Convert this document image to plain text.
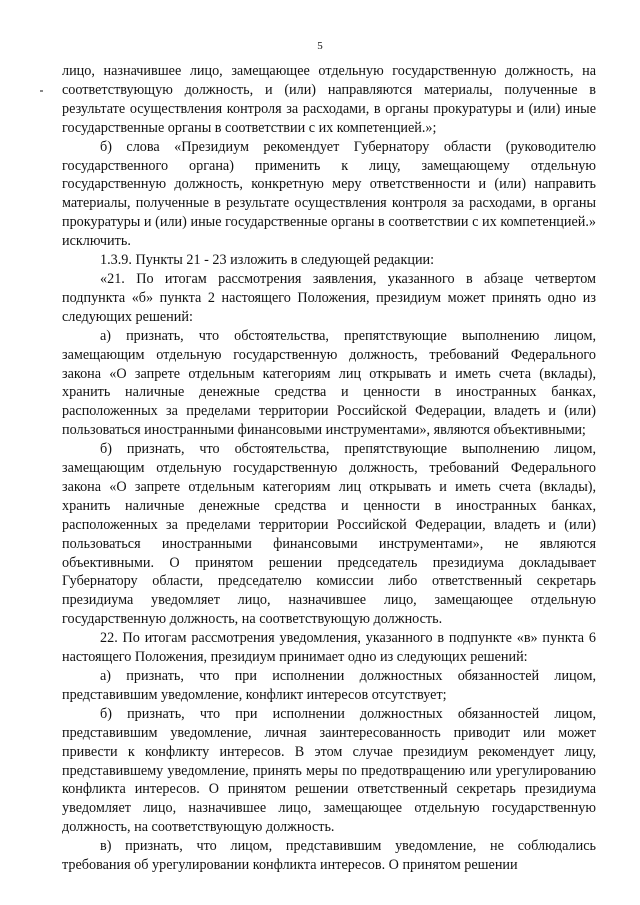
5

лицо, назначившее лицо, замещающее отдельную государственную должность, на соответствующую должность, и (или) направляются материалы, полученные в результате осуществления контроля за расходами, в органы прокуратуры и (или) иные государственные органы в соответствии с их компетенцией.»;

б) слова «Президиум рекомендует Губернатору области (руководителю государственного органа) применить к лицу, замещающему отдельную государственную должность, конкретную меру ответственности и (или) направить материалы, полученные в результате осуществления контроля за расходами, в органы прокуратуры и (или) иные государственные органы в соответствии с их компетенцией.» исключить.

1.3.9. Пункты 21 - 23 изложить в следующей редакции:

«21. По итогам рассмотрения заявления, указанного в абзаце четвертом подпункта «б» пункта 2 настоящего Положения, президиум может принять одно из следующих решений:

а) признать, что обстоятельства, препятствующие выполнению лицом, замещающим отдельную государственную должность, требований Федерального закона «О запрете отдельным категориям лиц открывать и иметь счета (вклады), хранить наличные денежные средства и ценности в иностранных банках, расположенных за пределами территории Российской Федерации, владеть и (или) пользоваться иностранными финансовыми инструментами», являются объективными;

б) признать, что обстоятельства, препятствующие выполнению лицом, замещающим отдельную государственную должность, требований Федерального закона «О запрете отдельным категориям лиц открывать и иметь счета (вклады), хранить наличные денежные средства и ценности в иностранных банках, расположенных за пределами территории Российской Федерации, владеть и (или) пользоваться иностранными финансовыми инструментами», не являются объективными. О принятом решении председатель президиума докладывает Губернатору области, председателю комиссии либо ответственный секретарь президиума уведомляет лицо, назначившее лицо, замещающее отдельную государственную должность, на соответствующую должность.

22. По итогам рассмотрения уведомления, указанного в подпункте «в» пункта 6 настоящего Положения, президиум принимает одно из следующих решений:

а) признать, что при исполнении должностных обязанностей лицом, представившим уведомление, конфликт интересов отсутствует;

б) признать, что при исполнении должностных обязанностей лицом, представившим уведомление, личная заинтересованность приводит или может привести к конфликту интересов. В этом случае президиум рекомендует лицу, представившему уведомление, принять меры по предотвращению или урегулированию конфликта интересов. О принятом решении ответственный секретарь президиума уведомляет лицо, назначившее лицо, замещающее отдельную государственную должность, на соответствующую должность.

в) признать, что лицом, представившим уведомление, не соблюдались требования об урегулировании конфликта интересов. О принятом решении
